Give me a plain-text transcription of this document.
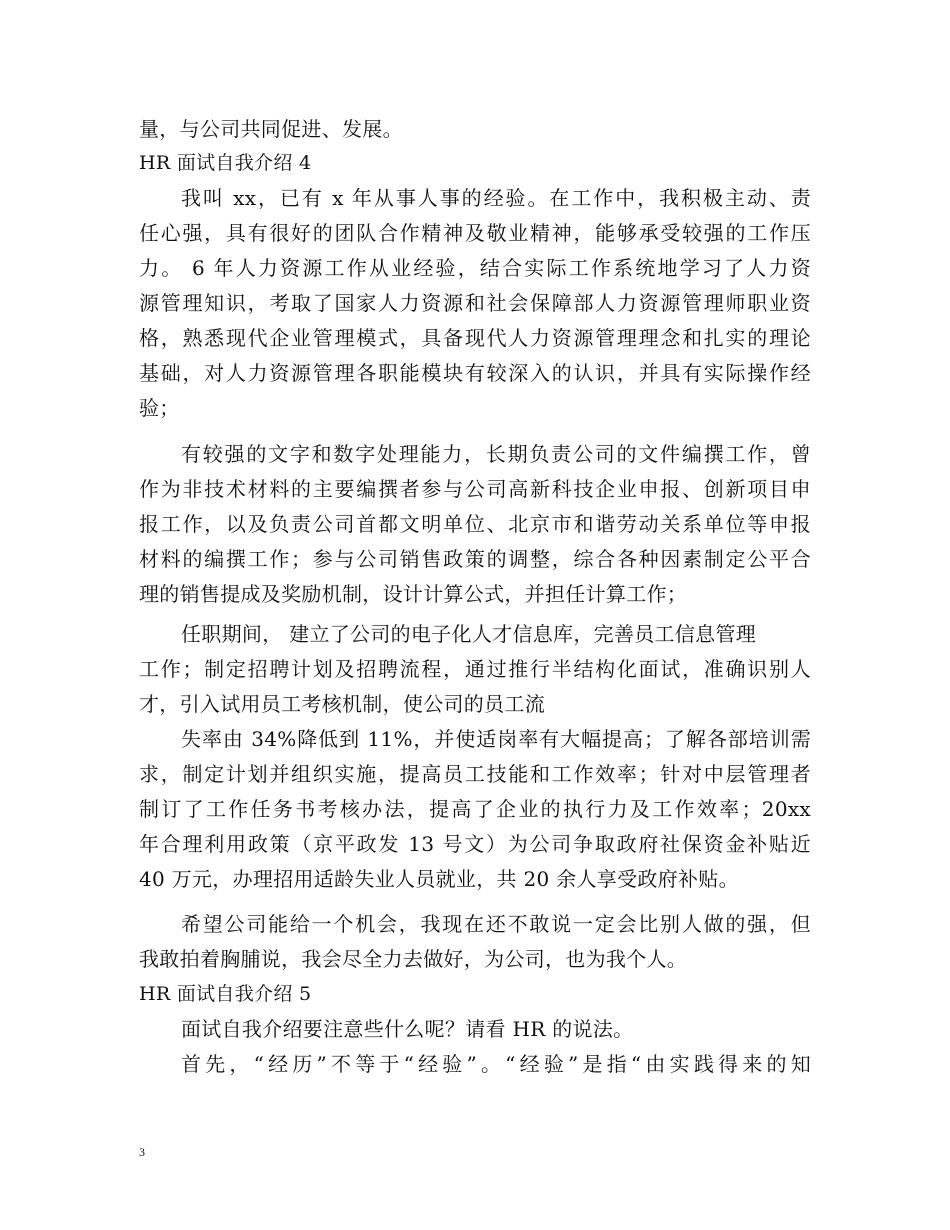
量，与公司共同促进、发展。
HR 面试自我介绍 4
我叫 xx，已有 x 年从事人事的经验。在工作中，我积极主动、责
任心强，具有很好的团队合作精神及敬业精神，能够承受较强的工作压
力。 6 年人力资源工作从业经验，结合实际工作系统地学习了人力资
源管理知识，考取了国家人力资源和社会保障部人力资源管理师职业资
格，熟悉现代企业管理模式，具备现代人力资源管理理念和扎实的理论
基础，对人力资源管理各职能模块有较深入的认识，并具有实际操作经
验；
有较强的文字和数字处理能力，长期负责公司的文件编撰工作，曾
作为非技术材料的主要编撰者参与公司高新科技企业申报、创新项目申
报工作，以及负责公司首都文明单位、北京市和谐劳动关系单位等申报
材料的编撰工作；参与公司销售政策的调整，综合各种因素制定公平合
理的销售提成及奖励机制，设计计算公式，并担任计算工作；
任职期间， 建立了公司的电子化人才信息库，完善员工信息管理
工作；制定招聘计划及招聘流程，通过推行半结构化面试，准确识别人
才，引入试用员工考核机制，使公司的员工流
失率由 34%降低到 11%，并使适岗率有大幅提高；了解各部培训需
求，制定计划并组织实施，提高员工技能和工作效率；针对中层管理者
制订了工作任务书考核办法，提高了企业的执行力及工作效率；20xx
年合理利用政策（京平政发 13 号文）为公司争取政府社保资金补贴近
40 万元，办理招用适龄失业人员就业，共 20 余人享受政府补贴。
希望公司能给一个机会，我现在还不敢说一定会比别人做的强，但
我敢拍着胸脯说，我会尽全力去做好，为公司，也为我个人。
HR 面试自我介绍 5
面试自我介绍要注意些什么呢？请看 HR 的说法。
首先，“经历”不等于“经验”。“经验”是指“由实践得来的知
3
